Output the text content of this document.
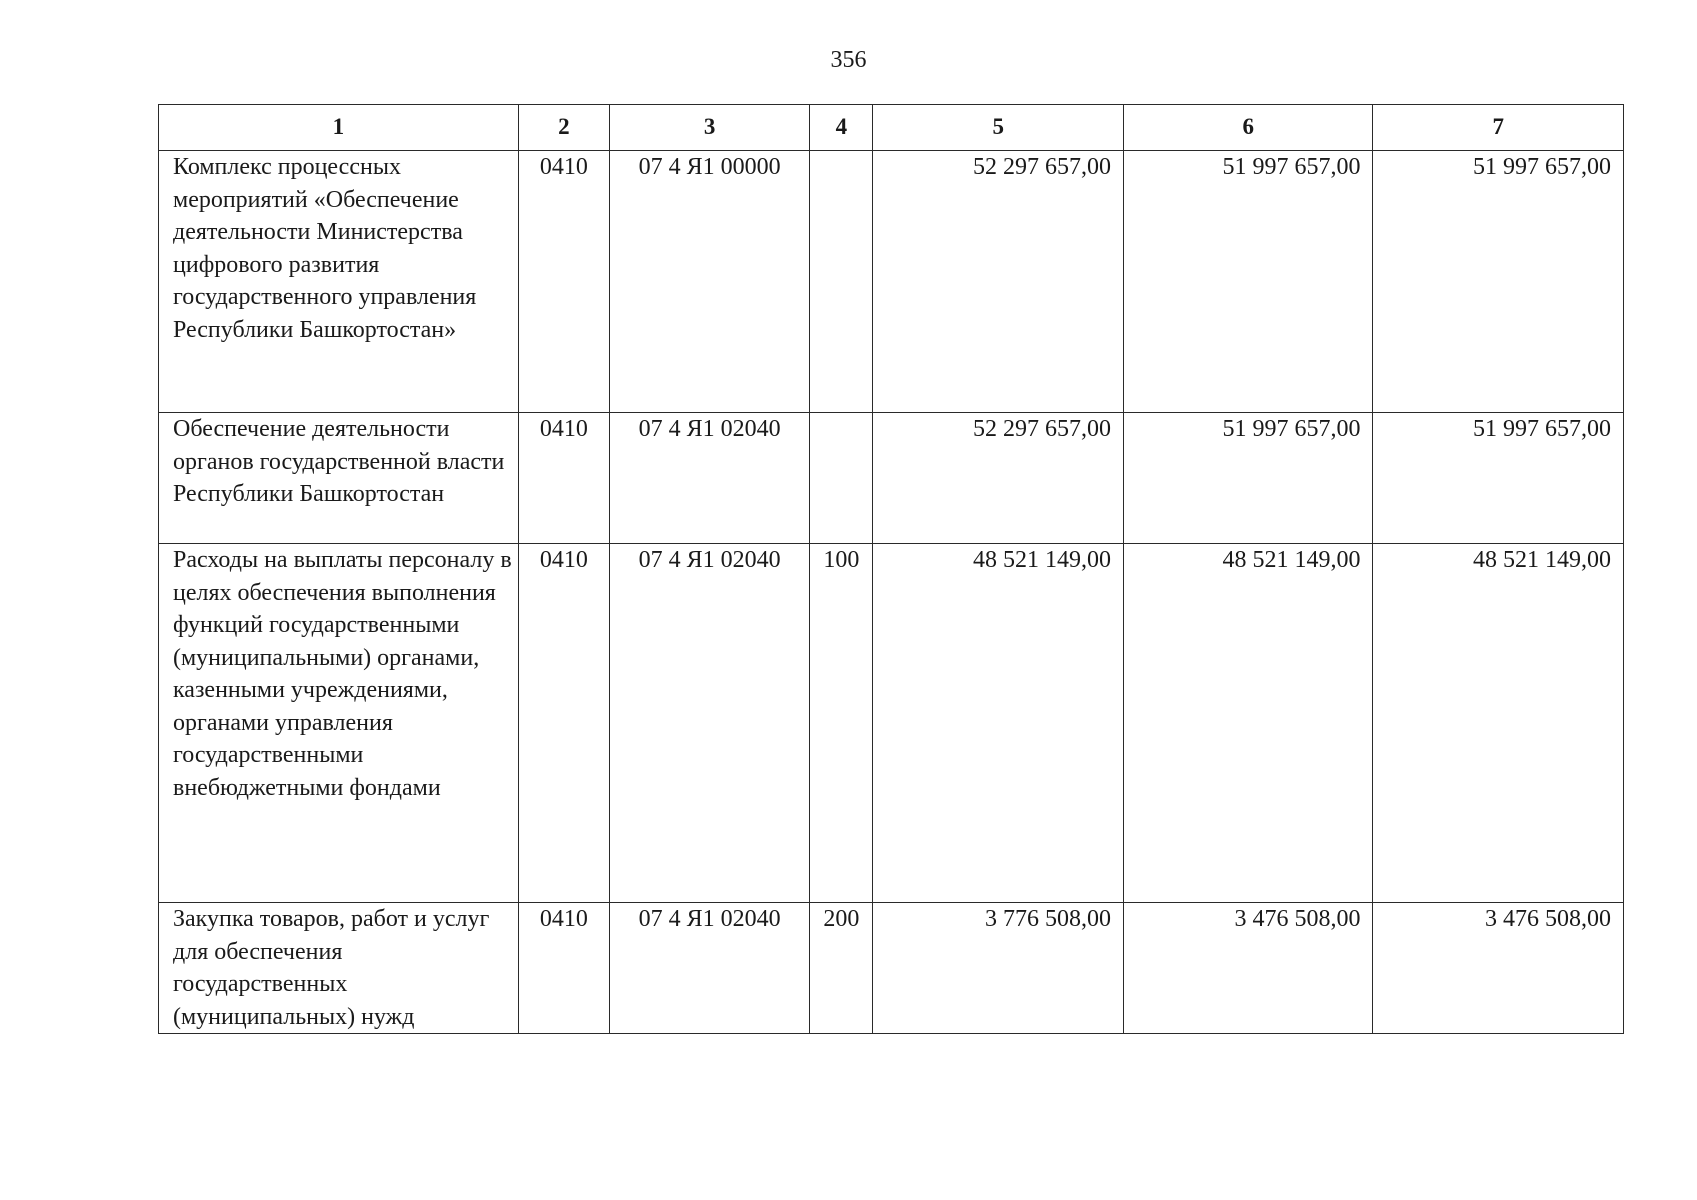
356
1	2	3	4	5	6	7
Комплекс процессных мероприятий «Обеспечение деятельности Министерства цифрового развития государственного управления Республики Башкортостан»	0410	07 4 Я1 00000		52 297 657,00	51 997 657,00	51 997 657,00
Обеспечение деятельности органов государственной власти Республики Башкортостан	0410	07 4 Я1 02040		52 297 657,00	51 997 657,00	51 997 657,00
Расходы на выплаты персоналу в целях обеспечения выполнения функций государственными (муниципальными) органами, казенными учреждениями, органами управления государственными внебюджетными фондами	0410	07 4 Я1 02040	100	48 521 149,00	48 521 149,00	48 521 149,00
Закупка товаров, работ и услуг для обеспечения государственных (муниципальных) нужд	0410	07 4 Я1 02040	200	3 776 508,00	3 476 508,00	3 476 508,00
